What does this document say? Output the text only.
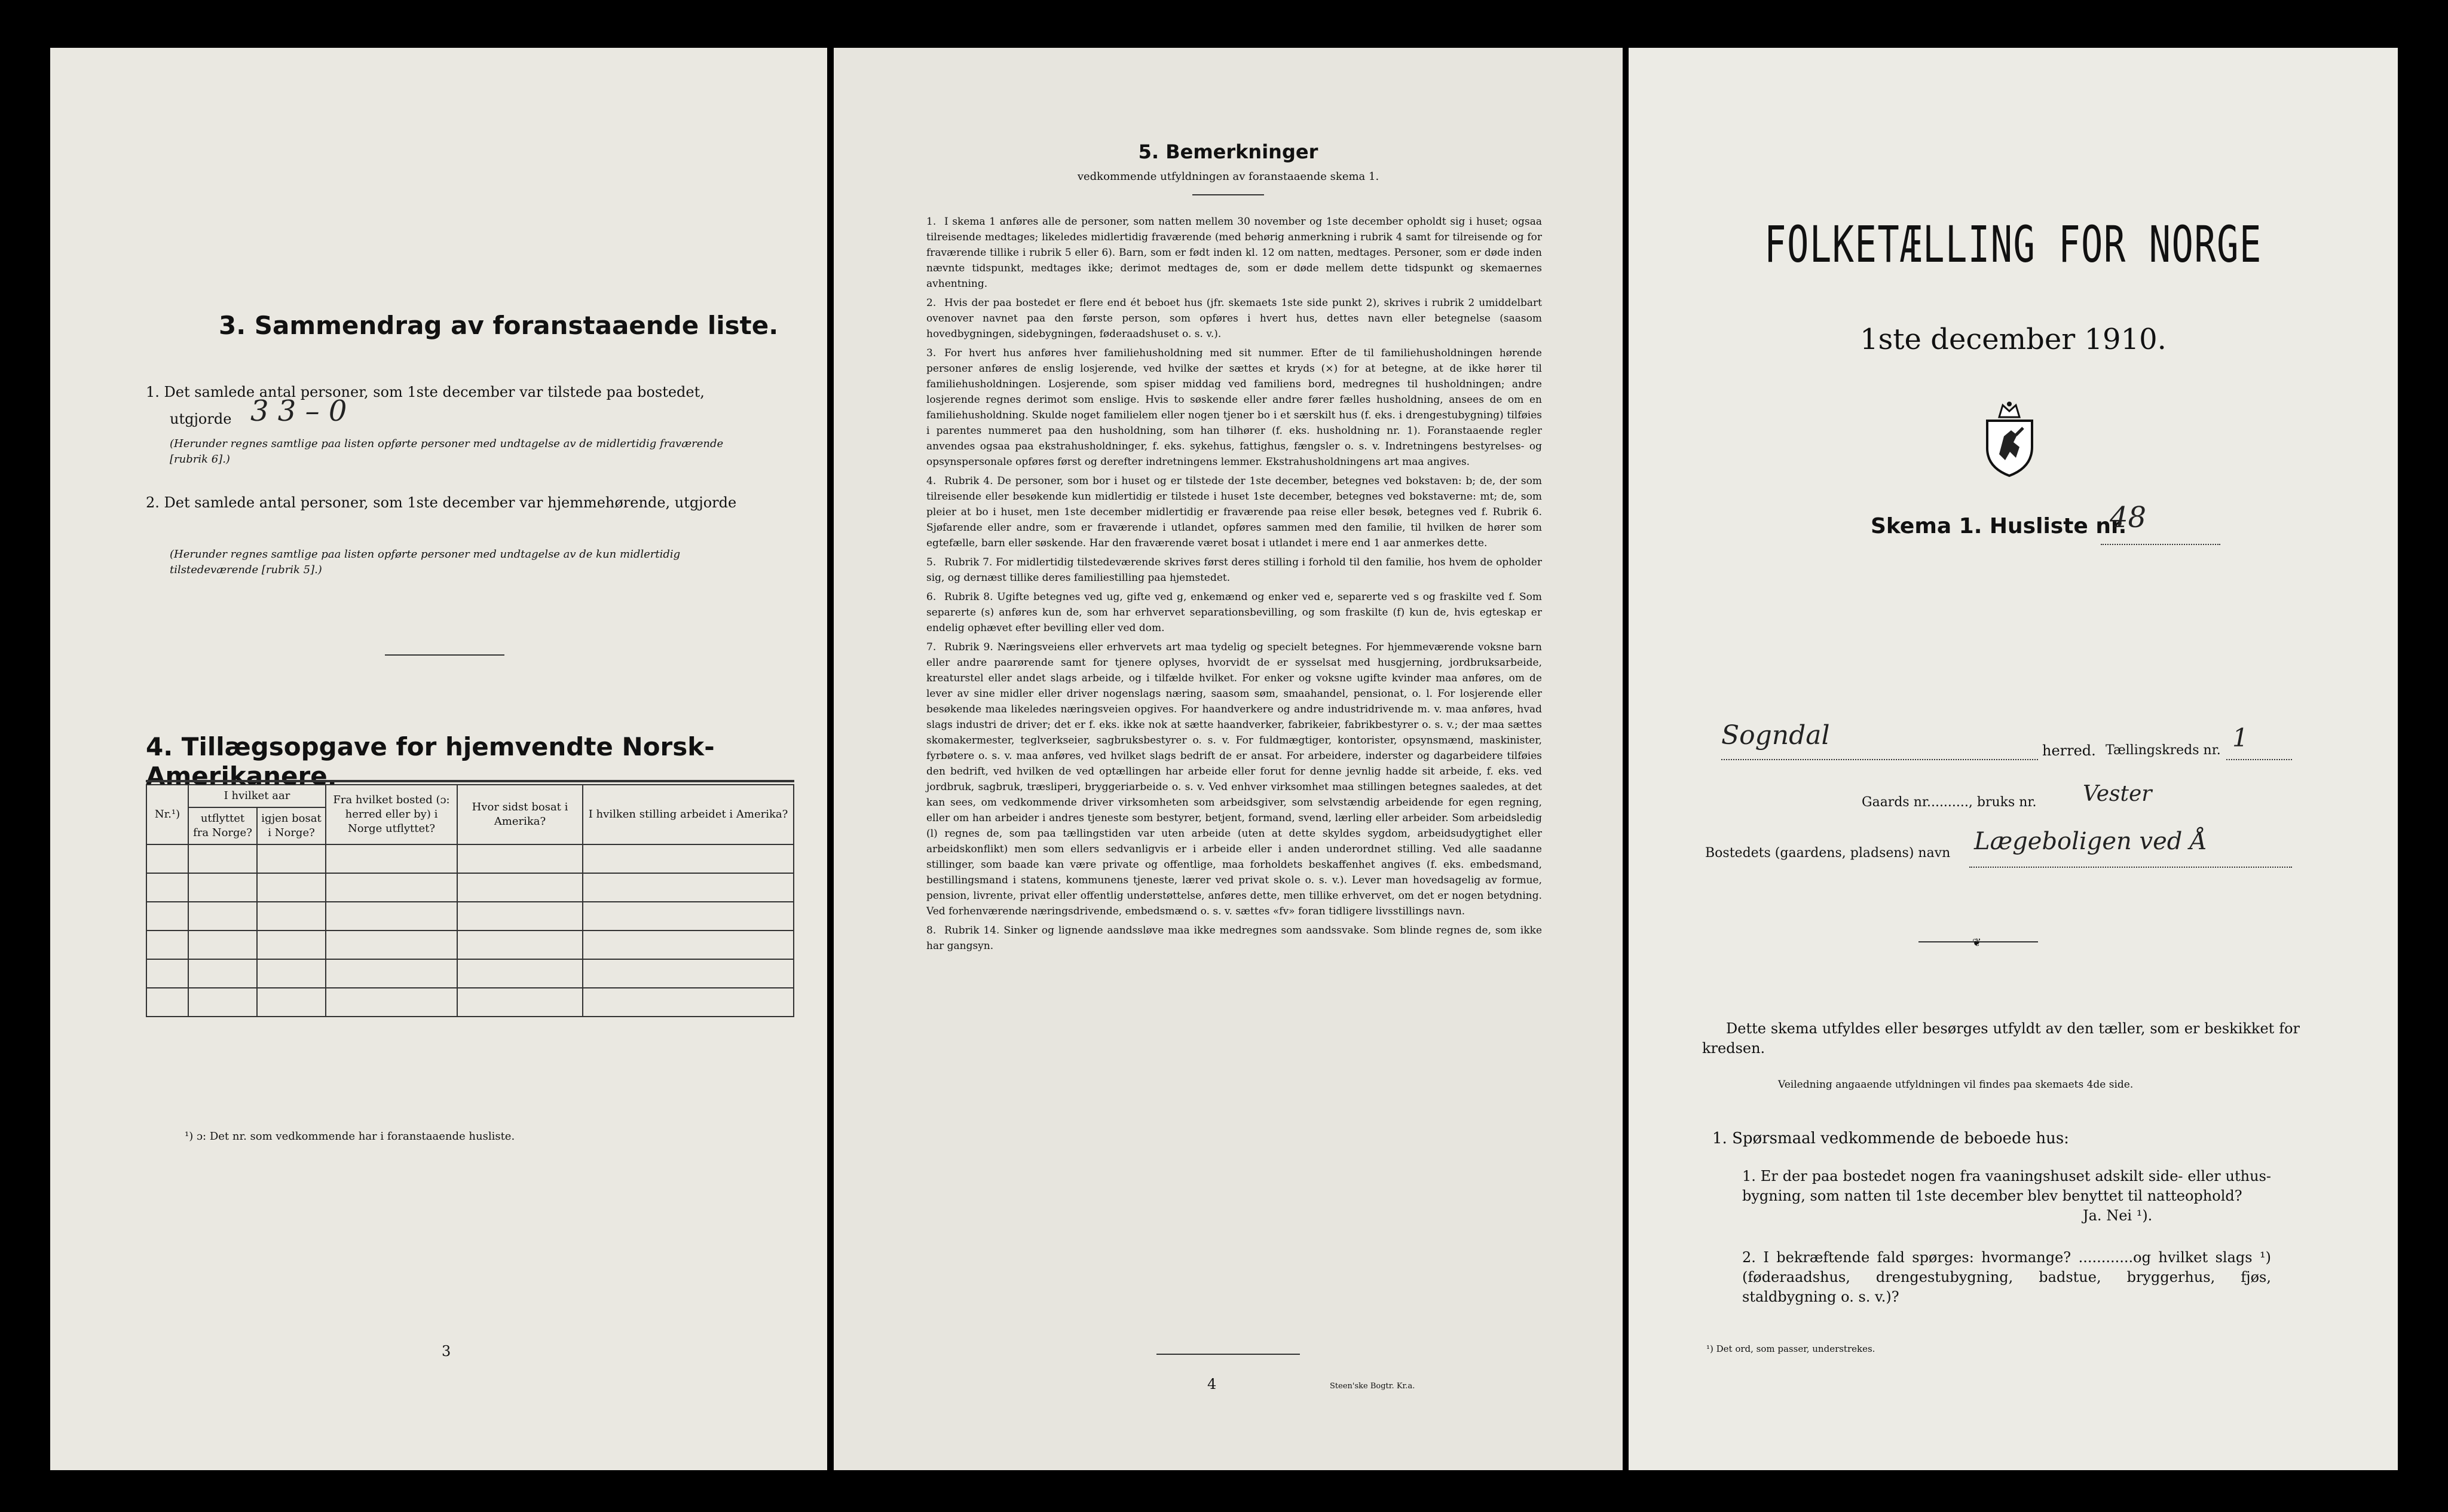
3. Sammendrag av foranstaaende liste.
1. Det samlede antal personer, som 1ste december var tilstede paa bostedet,
utgjorde 3 3 – 0
(Herunder regnes samtlige paa listen opførte personer med undtagelse av de midlertidig fraværende [rubrik 6].)
2. Det samlede antal personer, som 1ste december var hjemmehørende, utgjorde
(Herunder regnes samtlige paa listen opførte personer med undtagelse av de kun midlertidig tilstedeværende [rubrik 5].)
4. Tillægsopgave for hjemvendte Norsk-Amerikanere.
Nr.¹)	I hvilket aar		Fra hvilket bosted (ɔ: herred eller by) i Norge utflyttet?	Hvor sidst bosat i Amerika?	I hvilken stilling arbeidet i Amerika?
	utflyttet fra Norge?	igjen bosat i Norge?			

¹) ɔ: Det nr. som vedkommende har i foranstaaende husliste.
3
5. Bemerkninger
vedkommende utfyldningen av foranstaaende skema 1.
1. I skema 1 anføres alle de personer, som natten mellem 30 november og 1ste december opholdt sig i huset; ogsaa tilreisende medtages; likeledes midlertidig fraværende (med behørig anmerkning i rubrik 4 samt for tilreisende og for fraværende tillike i rubrik 5 eller 6). Barn, som er født inden kl. 12 om natten, medtages. Personer, som er døde inden nævnte tidspunkt, medtages ikke; derimot medtages de, som er døde mellem dette tidspunkt og skemaernes avhentning.
2. Hvis der paa bostedet er flere end ét beboet hus (jfr. skemaets 1ste side punkt 2), skrives i rubrik 2 umiddelbart ovenover navnet paa den første person, som opføres i hvert hus, dettes navn eller betegnelse (saasom hovedbygningen, sidebygningen, føderaadshuset o. s. v.).
3. For hvert hus anføres hver familiehusholdning med sit nummer. Efter de til familiehusholdningen hørende personer anføres de enslig losjerende, ved hvilke der sættes et kryds (×) for at betegne, at de ikke hører til familiehusholdningen. Losjerende, som spiser middag ved familiens bord, medregnes til husholdningen; andre losjerende regnes derimot som enslige. Hvis to søskende eller andre fører fælles husholdning, ansees de om en familiehusholdning. Skulde noget familielem eller nogen tjener bo i et særskilt hus (f. eks. i drengestubygning) tilføies i parentes nummeret paa den husholdning, som han tilhører (f. eks. husholdning nr. 1). Foranstaaende regler anvendes ogsaa paa ekstrahusholdninger, f. eks. sykehus, fattighus, fængsler o. s. v. Indretningens bestyrelses- og opsynspersonale opføres først og derefter indretningens lemmer. Ekstrahusholdningens art maa angives.
4. Rubrik 4. De personer, som bor i huset og er tilstede der 1ste december, betegnes ved bokstaven: b; de, der som tilreisende eller besøkende kun midlertidig er tilstede i huset 1ste december, betegnes ved bokstaverne: mt; de, som pleier at bo i huset, men 1ste december midlertidig er fraværende paa reise eller besøk, betegnes ved f. Rubrik 6. Sjøfarende eller andre, som er fraværende i utlandet, opføres sammen med den familie, til hvilken de hører som egtefælle, barn eller søskende. Har den fraværende været bosat i utlandet i mere end 1 aar anmerkes dette.
5. Rubrik 7. For midlertidig tilstedeværende skrives først deres stilling i forhold til den familie, hos hvem de opholder sig, og dernæst tillike deres familiestilling paa hjemstedet.
6. Rubrik 8. Ugifte betegnes ved ug, gifte ved g, enkemænd og enker ved e, separerte ved s og fraskilte ved f. Som separerte (s) anføres kun de, som har erhvervet separationsbevilling, og som fraskilte (f) kun de, hvis egteskap er endelig ophævet efter bevilling eller ved dom.
7. Rubrik 9. Næringsveiens eller erhvervets art maa tydelig og specielt betegnes. For hjemmeværende voksne barn eller andre paarørende samt for tjenere oplyses, hvorvidt de er sysselsat med husgjerning, jordbruksarbeide, kreaturstel eller andet slags arbeide, og i tilfælde hvilket. For enker og voksne ugifte kvinder maa anføres, om de lever av sine midler eller driver nogenslags næring, saasom søm, smaahandel, pensionat, o. l. For losjerende eller besøkende maa likeledes næringsveien opgives. For haandverkere og andre industridrivende m. v. maa anføres, hvad slags industri de driver; det er f. eks. ikke nok at sætte haandverker, fabrikeier, fabrikbestyrer o. s. v.; der maa sættes skomakermester, teglverkseier, sagbruksbestyrer o. s. v. For fuldmægtiger, kontorister, opsynsmænd, maskinister, fyrbøtere o. s. v. maa anføres, ved hvilket slags bedrift de er ansat. For arbeidere, inderster og dagarbeidere tilføies den bedrift, ved hvilken de ved optællingen har arbeide eller forut for denne jevnlig hadde sit arbeide, f. eks. ved jordbruk, sagbruk, træsliperi, bryggeriarbeide o. s. v. Ved enhver virksomhet maa stillingen betegnes saaledes, at det kan sees, om vedkommende driver virksomheten som arbeidsgiver, som selvstændig arbeidende for egen regning, eller om han arbeider i andres tjeneste som bestyrer, betjent, formand, svend, lærling eller arbeider. Som arbeidsledig (l) regnes de, som paa tællingstiden var uten arbeide (uten at dette skyldes sygdom, arbeidsudygtighet eller arbeidskonflikt) men som ellers sedvanligvis er i arbeide eller i anden underordnet stilling. Ved alle saadanne stillinger, som baade kan være private og offentlige, maa forholdets beskaffenhet angives (f. eks. embedsmand, bestillingsmand i statens, kommunens tjeneste, lærer ved privat skole o. s. v.). Lever man hovedsagelig av formue, pension, livrente, privat eller offentlig understøttelse, anføres dette, men tillike erhvervet, om det er nogen betydning. Ved forhenværende næringsdrivende, embedsmænd o. s. v. sættes «fv» foran tidligere livsstillings navn.
8. Rubrik 14. Sinker og lignende aandssløve maa ikke medregnes som aandssvake. Som blinde regnes de, som ikke har gangsyn.
4	Steen'ske Bogtr. Kr.a.
FOLKETÆLLING FOR NORGE
1ste december 1910.
Skema 1. Husliste nr.
48
Sogndal	herred. Tællingskreds nr. 1
Gaards nr.........., bruks nr. Vester
Bostedets (gaardens, pladsens) navn Lægeboligen ved Å
❦
Dette skema utfyldes eller besørges utfyldt av den tæller, som er beskikket for kredsen.
Veiledning angaaende utfyldningen vil findes paa skemaets 4de side.
1. Spørsmaal vedkommende de beboede hus:
1. Er der paa bostedet nogen fra vaaningshuset adskilt side- eller uthus-bygning, som natten til 1ste december blev benyttet til natteophold?
Ja. Nei ¹).
2. I bekræftende fald spørges: hvormange? ............og hvilket slags ¹) (føderaadshus, drengestubygning, badstue, bryggerhus, fjøs, staldbygning o. s. v.)?
¹) Det ord, som passer, understrekes.
